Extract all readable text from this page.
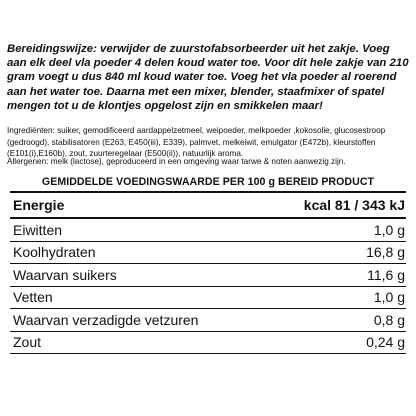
Bereidingswijze: verwijder de zuurstofabsorbeerder uit het zakje. Voeg aan elk deel vla poeder 4 delen koud water toe. Voor dit hele zakje van 210 gram voegt u dus 840 ml koud water toe. Voeg het vla poeder al roerend aan het water toe. Daarna met een mixer, blender, staafmixer of spatel mengen tot u de klontjes opgelost zijn en smikkelen maar!

Ingrediënten: suiker, gemodificeerd aardappelzetmeel, weipoeder, melkpoeder ,kokosolie, glucosestroop (gedroogd), stabilisatoren (E263, E450(iii), E339), palmvet, melkeiwit, emulgator (E472b), kleurstoffen (E101(i),E160b), zout, zuurteregelaar (E500(ii)), natuurlijk aroma.

Allergenen: melk (lactose), geproduceerd in een omgeving waar tarwe & noten aanwezig zijn.

GEMIDDELDE VOEDINGSWAARDE PER 100 g BEREID PRODUCT

Energie	kcal 81 / 343 kJ
Eiwitten	1,0 g
Koolhydraten	16,8 g
Waarvan suikers	11,6 g
Vetten	1,0 g
Waarvan verzadigde vetzuren	0,8 g
Zout	0,24 g
